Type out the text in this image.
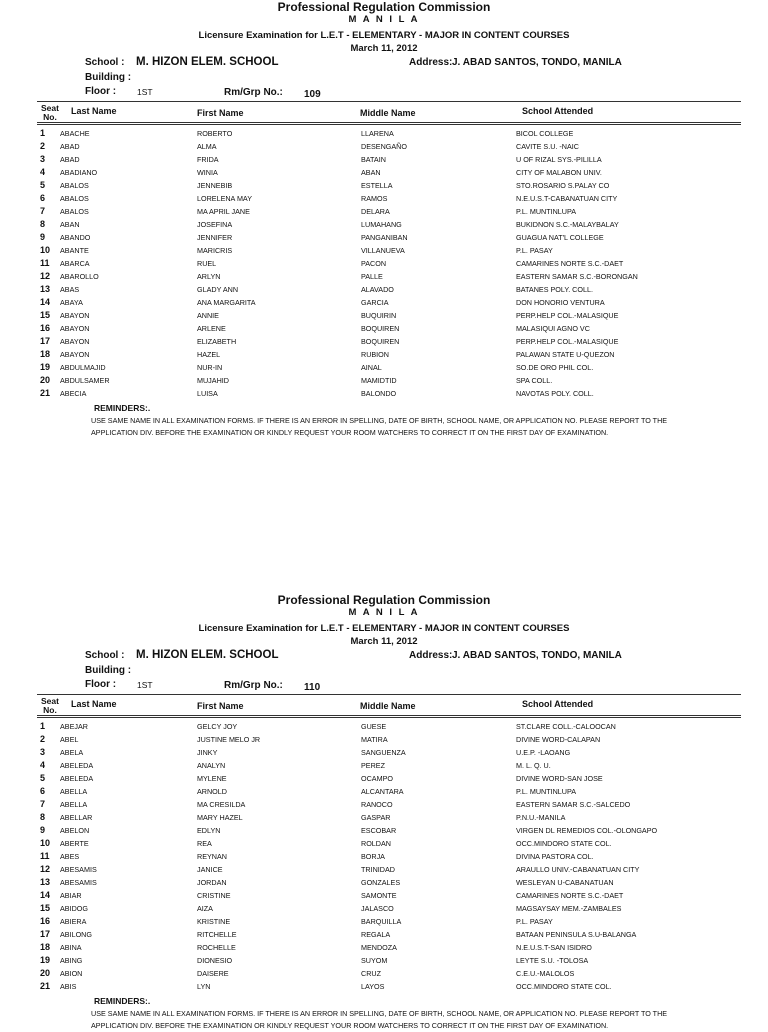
Professional Regulation Commission
M A N I L A
Licensure Examination for L.E.T - ELEMENTARY - MAJOR IN CONTENT COURSES
March 11, 2012
School : M. HIZON ELEM. SCHOOL	Address: J. ABAD SANTOS, TONDO, MANILA
Building :
Floor : 1ST	Rm/Grp No.: 109
Seat No.
Last Name	First Name	Middle Name	School Attended
1 ABACHE	ROBERTO	LLARENA	BICOL COLLEGE
2 ABAD	ALMA	DESENGAÑO	CAVITE S.U. -NAIC
3 ABAD	FRIDA	BATAIN	U OF RIZAL SYS.-PILILLA
4 ABADIANO	WINIA	ABAN	CITY OF MALABON UNIV.
5 ABALOS	JENNEBIB	ESTELLA	STO.ROSARIO S.PALAY CO
6 ABALOS	LORELENA MAY	RAMOS	N.E.U.S.T-CABANATUAN CITY
7 ABALOS	MA APRIL JANE	DELARA	P.L. MUNTINLUPA
8 ABAN	JOSEFINA	LUMAHANG	BUKIDNON S.C.-MALAYBALAY
9 ABANDO	JENNIFER	PANGANIBAN	GUAGUA NAT'L COLLEGE
10 ABANTE	MARICRIS	VILLANUEVA	P.L. PASAY
11 ABARCA	RUEL	PACON	CAMARINES NORTE S.C.-DAET
12 ABAROLLO	ARLYN	PALLE	EASTERN SAMAR S.C.-BORONGAN
13 ABAS	GLADY ANN	ALAVADO	BATANES POLY. COLL.
14 ABAYA	ANA MARGARITA	GARCIA	DON HONORIO VENTURA
15 ABAYON	ANNIE	BUQUIRIN	PERP.HELP COL.-MALASIQUE
16 ABAYON	ARLENE	BOQUIREN	MALASIQUI AGNO VC
17 ABAYON	ELIZABETH	BOQUIREN	PERP.HELP COL.-MALASIQUE
18 ABAYON	HAZEL	RUBION	PALAWAN STATE U-QUEZON
19 ABDULMAJID	NUR-IN	AINAL	SO.DE ORO PHIL COL.
20 ABDULSAMER	MUJAHID	MAMIDTID	SPA COLL.
21 ABECIA	LUISA	BALONDO	NAVOTAS POLY. COLL.
REMINDERS:.
USE SAME NAME IN ALL EXAMINATION FORMS. IF THERE IS AN ERROR IN SPELLING, DATE OF BIRTH, SCHOOL NAME, OR APPLICATION NO. PLEASE REPORT TO THE APPLICATION DIV. BEFORE THE EXAMINATION OR KINDLY REQUEST YOUR ROOM WATCHERS TO CORRECT IT ON THE FIRST DAY OF EXAMINATION.
Professional Regulation Commission
M A N I L A
Licensure Examination for L.E.T - ELEMENTARY - MAJOR IN CONTENT COURSES
March 11, 2012
School : M. HIZON ELEM. SCHOOL	Address: J. ABAD SANTOS, TONDO, MANILA
Building :
Floor : 1ST	Rm/Grp No.: 110
Seat No.
Last Name	First Name	Middle Name	School Attended
1 ABEJAR	GELCY JOY	GUESE	ST.CLARE COLL.-CALOOCAN
2 ABEL	JUSTINE MELO JR	MATIRA	DIVINE WORD-CALAPAN
3 ABELA	JINKY	SANGUENZA	U.E.P. -LAOANG
4 ABELEDA	ANALYN	PEREZ	M. L. Q. U.
5 ABELEDA	MYLENE	OCAMPO	DIVINE WORD-SAN JOSE
6 ABELLA	ARNOLD	ALCANTARA	P.L. MUNTINLUPA
7 ABELLA	MA CRESILDA	RANOCO	EASTERN SAMAR S.C.-SALCEDO
8 ABELLAR	MARY HAZEL	GASPAR	P.N.U.-MANILA
9 ABELON	EDLYN	ESCOBAR	VIRGEN DL REMEDIOS COL.-OLONGAPO
10 ABERTE	REA	ROLDAN	OCC.MINDORO STATE COL.
11 ABES	REYNAN	BORJA	DIVINA PASTORA COL.
12 ABESAMIS	JANICE	TRINIDAD	ARAULLO UNIV.-CABANATUAN CITY
13 ABESAMIS	JORDAN	GONZALES	WESLEYAN U-CABANATUAN
14 ABIAR	CRISTINE	SAMONTE	CAMARINES NORTE S.C.-DAET
15 ABIDOG	AIZA	JALASCO	MAGSAYSAY MEM.-ZAMBALES
16 ABIERA	KRISTINE	BARQUILLA	P.L. PASAY
17 ABILONG	RITCHELLE	REGALA	BATAAN PENINSULA S.U-BALANGA
18 ABINA	ROCHELLE	MENDOZA	N.E.U.S.T-SAN ISIDRO
19 ABING	DIONESIO	SUYOM	LEYTE S.U. -TOLOSA
20 ABION	DAISERE	CRUZ	C.E.U.-MALOLOS
21 ABIS	LYN	LAYOS	OCC.MINDORO STATE COL.
REMINDERS:.
USE SAME NAME IN ALL EXAMINATION FORMS. IF THERE IS AN ERROR IN SPELLING, DATE OF BIRTH, SCHOOL NAME, OR APPLICATION NO. PLEASE REPORT TO THE APPLICATION DIV. BEFORE THE EXAMINATION OR KINDLY REQUEST YOUR ROOM WATCHERS TO CORRECT IT ON THE FIRST DAY OF EXAMINATION.
